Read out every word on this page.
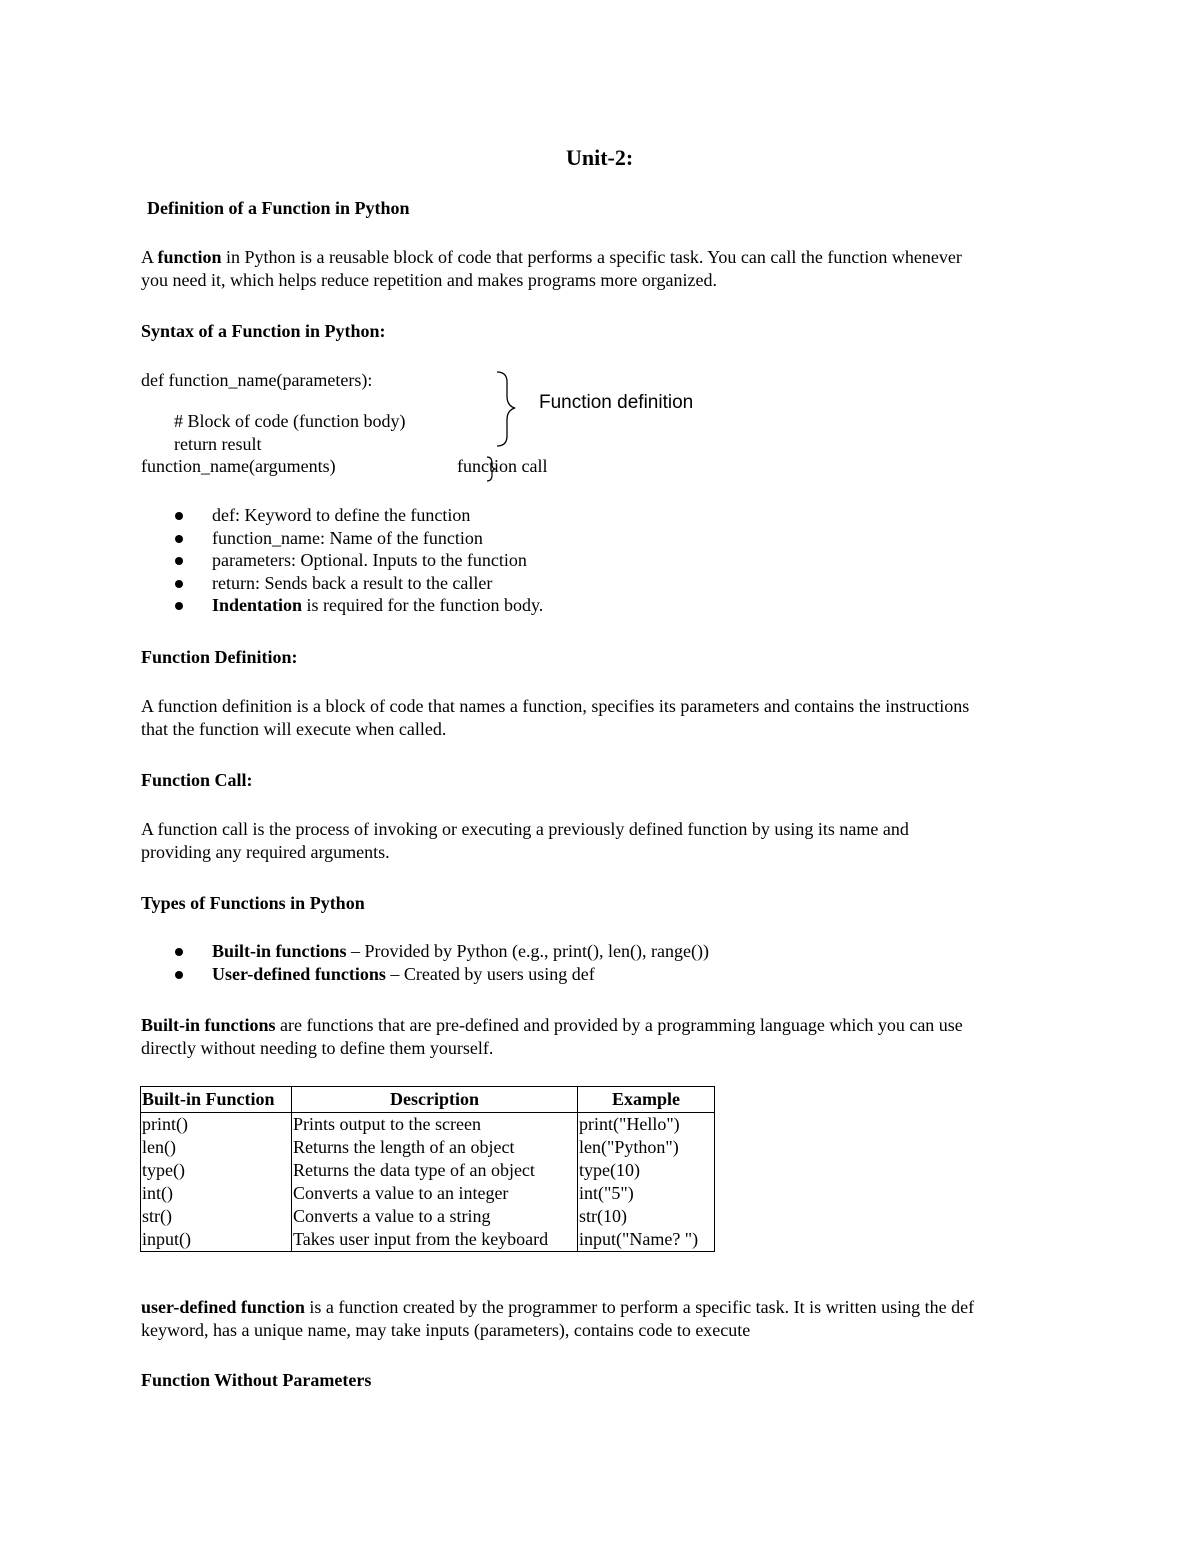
Unit-2:
Definition of a Function in Python
A function in Python is a reusable block of code that performs a specific task. You can call the function whenever
you need it, which helps reduce repetition and makes programs more organized.
Syntax of a Function in Python:
def function_name(parameters):
# Block of code (function body)
return result
function_name(arguments)
Function definition
function call
def: Keyword to define the function
function_name: Name of the function
parameters: Optional. Inputs to the function
return: Sends back a result to the caller
Indentation is required for the function body.
Function Definition:
A function definition is a block of code that names a function, specifies its parameters and contains the instructions
that the function will execute when called.
Function Call:
A function call is the process of invoking or executing a previously defined function by using its name and
providing any required arguments.
Types of Functions in Python
Built-in functions – Provided by Python (e.g., print(), len(), range())
User-defined functions – Created by users using def
Built-in functions are functions that are pre-defined and provided by a programming language which you can use
directly without needing to define them yourself.
Built-in Function	Description	Example
print()	Prints output to the screen	print("Hello")
len()	Returns the length of an object	len("Python")
type()	Returns the data type of an object	type(10)
int()	Converts a value to an integer	int("5")
str()	Converts a value to a string	str(10)
input()	Takes user input from the keyboard	input("Name? ")
user-defined function is a function created by the programmer to perform a specific task. It is written using the def
keyword, has a unique name, may take inputs (parameters), contains code to execute
Function Without Parameters
